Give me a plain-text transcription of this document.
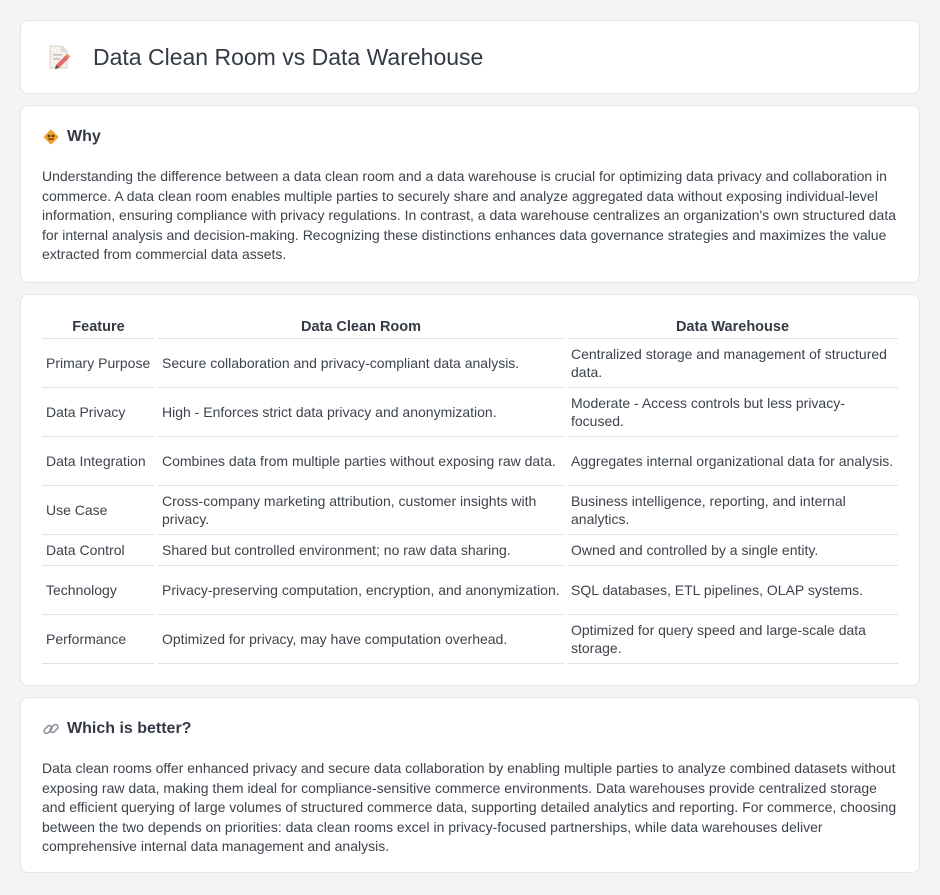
Data Clean Room vs Data Warehouse
Why

Understanding the difference between a data clean room and a data warehouse is crucial for optimizing data privacy and collaboration in commerce. A data clean room enables multiple parties to securely share and analyze aggregated data without exposing individual-level information, ensuring compliance with privacy regulations. In contrast, a data warehouse centralizes an organization's own structured data for internal analysis and decision-making. Recognizing these distinctions enhances data governance strategies and maximizes the value extracted from commercial data assets.

Feature	Data Clean Room	Data Warehouse
Primary Purpose	Secure collaboration and privacy-compliant data analysis.	Centralized storage and management of structured data.
Data Privacy	High - Enforces strict data privacy and anonymization.	Moderate - Access controls but less privacy-focused.
Data Integration	Combines data from multiple parties without exposing raw data.	Aggregates internal organizational data for analysis.
Use Case	Cross-company marketing attribution, customer insights with privacy.	Business intelligence, reporting, and internal analytics.
Data Control	Shared but controlled environment; no raw data sharing.	Owned and controlled by a single entity.
Technology	Privacy-preserving computation, encryption, and anonymization.	SQL databases, ETL pipelines, OLAP systems.
Performance	Optimized for privacy, may have computation overhead.	Optimized for query speed and large-scale data storage.
Which is better?

Data clean rooms offer enhanced privacy and secure data collaboration by enabling multiple parties to analyze combined datasets without exposing raw data, making them ideal for compliance-sensitive commerce environments. Data warehouses provide centralized storage and efficient querying of large volumes of structured commerce data, supporting detailed analytics and reporting. For commerce, choosing between the two depends on priorities: data clean rooms excel in privacy-focused partnerships, while data warehouses deliver comprehensive internal data management and analysis.
